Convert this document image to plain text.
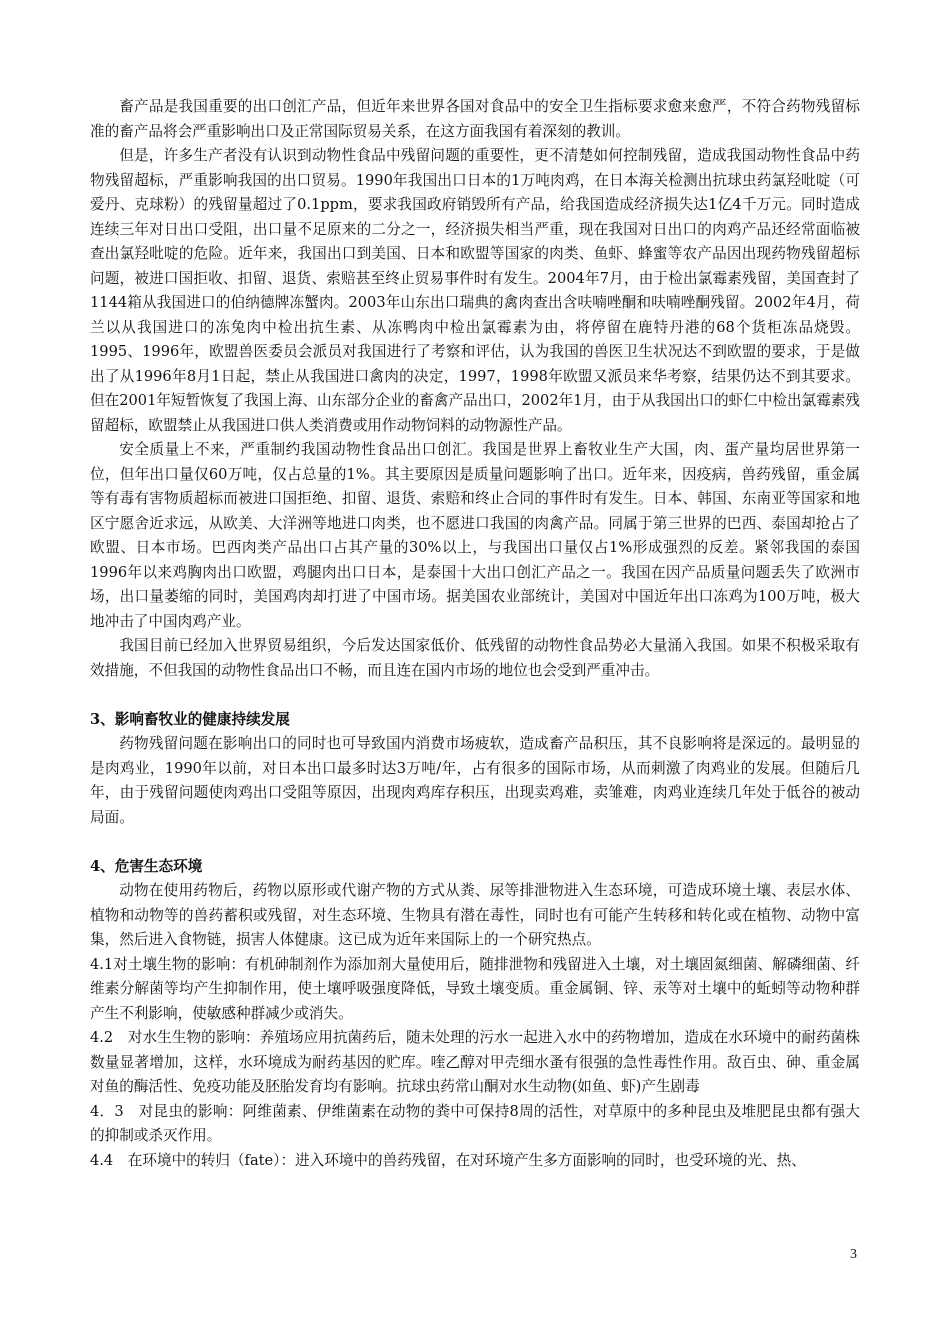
畜产品是我国重要的出口创汇产品，但近年来世界各国对食品中的安全卫生指标要求愈来愈严，不符合药物残留标准的畜产品将会严重影响出口及正常国际贸易关系，在这方面我国有着深刻的教训。

但是，许多生产者没有认识到动物性食品中残留问题的重要性，更不清楚如何控制残留，造成我国动物性食品中药物残留超标，严重影响我国的出口贸易。1990年我国出口日本的1万吨肉鸡，在日本海关检测出抗球虫药氯羟吡啶（可爱丹、克球粉）的残留量超过了0.1ppm，要求我国政府销毁所有产品，给我国造成经济损失达1亿4千万元。同时造成连续三年对日出口受阻，出口量不足原来的二分之一，经济损失相当严重，现在我国对日出口的肉鸡产品还经常面临被查出氯羟吡啶的危险。近年来，我国出口到美国、日本和欧盟等国家的肉类、鱼虾、蜂蜜等农产品因出现药物残留超标问题，被进口国拒收、扣留、退货、索赔甚至终止贸易事件时有发生。2004年7月，由于检出氯霉素残留，美国查封了1144箱从我国进口的伯纳德牌冻蟹肉。2003年山东出口瑞典的禽肉查出含呋喃唑酮和呋喃唑酮残留。2002年4月，荷兰以从我国进口的冻兔肉中检出抗生素、从冻鸭肉中检出氯霉素为由，将停留在鹿特丹港的68个货柜冻品烧毁。1995、1996年，欧盟兽医委员会派员对我国进行了考察和评估，认为我国的兽医卫生状况达不到欧盟的要求，于是做出了从1996年8月1日起，禁止从我国进口禽肉的决定，1997，1998年欧盟又派员来华考察，结果仍达不到其要求。但在2001年短暂恢复了我国上海、山东部分企业的畜禽产品出口，2002年1月，由于从我国出口的虾仁中检出氯霉素残留超标，欧盟禁止从我国进口供人类消费或用作动物饲料的动物源性产品。

安全质量上不来，严重制约我国动物性食品出口创汇。我国是世界上畜牧业生产大国，肉、蛋产量均居世界第一位，但年出口量仅60万吨，仅占总量的1%。其主要原因是质量问题影响了出口。近年来，因疫病，兽药残留，重金属等有毒有害物质超标而被进口国拒绝、扣留、退货、索赔和终止合同的事件时有发生。日本、韩国、东南亚等国家和地区宁愿舍近求远，从欧美、大洋洲等地进口肉类，也不愿进口我国的肉禽产品。同属于第三世界的巴西、泰国却抢占了欧盟、日本市场。巴西肉类产品出口占其产量的30%以上，与我国出口量仅占1%形成强烈的反差。紧邻我国的泰国1996年以来鸡胸肉出口欧盟，鸡腿肉出口日本，是泰国十大出口创汇产品之一。我国在因产品质量问题丢失了欧洲市场，出口量萎缩的同时，美国鸡肉却打进了中国市场。据美国农业部统计，美国对中国近年出口冻鸡为100万吨，极大地冲击了中国肉鸡产业。

我国目前已经加入世界贸易组织，今后发达国家低价、低残留的动物性食品势必大量涌入我国。如果不积极采取有效措施，不但我国的动物性食品出口不畅，而且连在国内市场的地位也会受到严重冲击。

3、影响畜牧业的健康持续发展

药物残留问题在影响出口的同时也可导致国内消费市场疲软，造成畜产品积压，其不良影响将是深远的。最明显的是肉鸡业，1990年以前，对日本出口最多时达3万吨/年，占有很多的国际市场，从而刺激了肉鸡业的发展。但随后几年，由于残留问题使肉鸡出口受阻等原因，出现肉鸡库存积压，出现卖鸡难，卖雏难，肉鸡业连续几年处于低谷的被动局面。

4、危害生态环境

动物在使用药物后，药物以原形或代谢产物的方式从粪、尿等排泄物进入生态环境，可造成环境土壤、表层水体、植物和动物等的兽药蓄积或残留，对生态环境、生物具有潜在毒性，同时也有可能产生转移和转化或在植物、动物中富集，然后进入食物链，损害人体健康。这已成为近年来国际上的一个研究热点。

4.1对土壤生物的影响：有机砷制剂作为添加剂大量使用后，随排泄物和残留进入土壤，对土壤固氮细菌、解磷细菌、纤维素分解菌等均产生抑制作用，使土壤呼吸强度降低，导致土壤变质。重金属铜、锌、汞等对土壤中的蚯蚓等动物种群产生不利影响，使敏感种群减少或消失。

4.2　对水生生物的影响：养殖场应用抗菌药后，随未处理的污水一起进入水中的药物增加，造成在水环境中的耐药菌株数量显著增加，这样，水环境成为耐药基因的贮库。喹乙醇对甲壳细水蚤有很强的急性毒性作用。敌百虫、砷、重金属对鱼的酶活性、免疫功能及胚胎发育均有影响。抗球虫药常山酮对水生动物(如鱼、虾)产生剧毒

4．3　对昆虫的影响：阿维菌素、伊维菌素在动物的粪中可保持8周的活性，对草原中的多种昆虫及堆肥昆虫都有强大的抑制或杀灭作用。

4.4　在环境中的转归（fate）：进入环境中的兽药残留，在对环境产生多方面影响的同时，也受环境的光、热、

3
